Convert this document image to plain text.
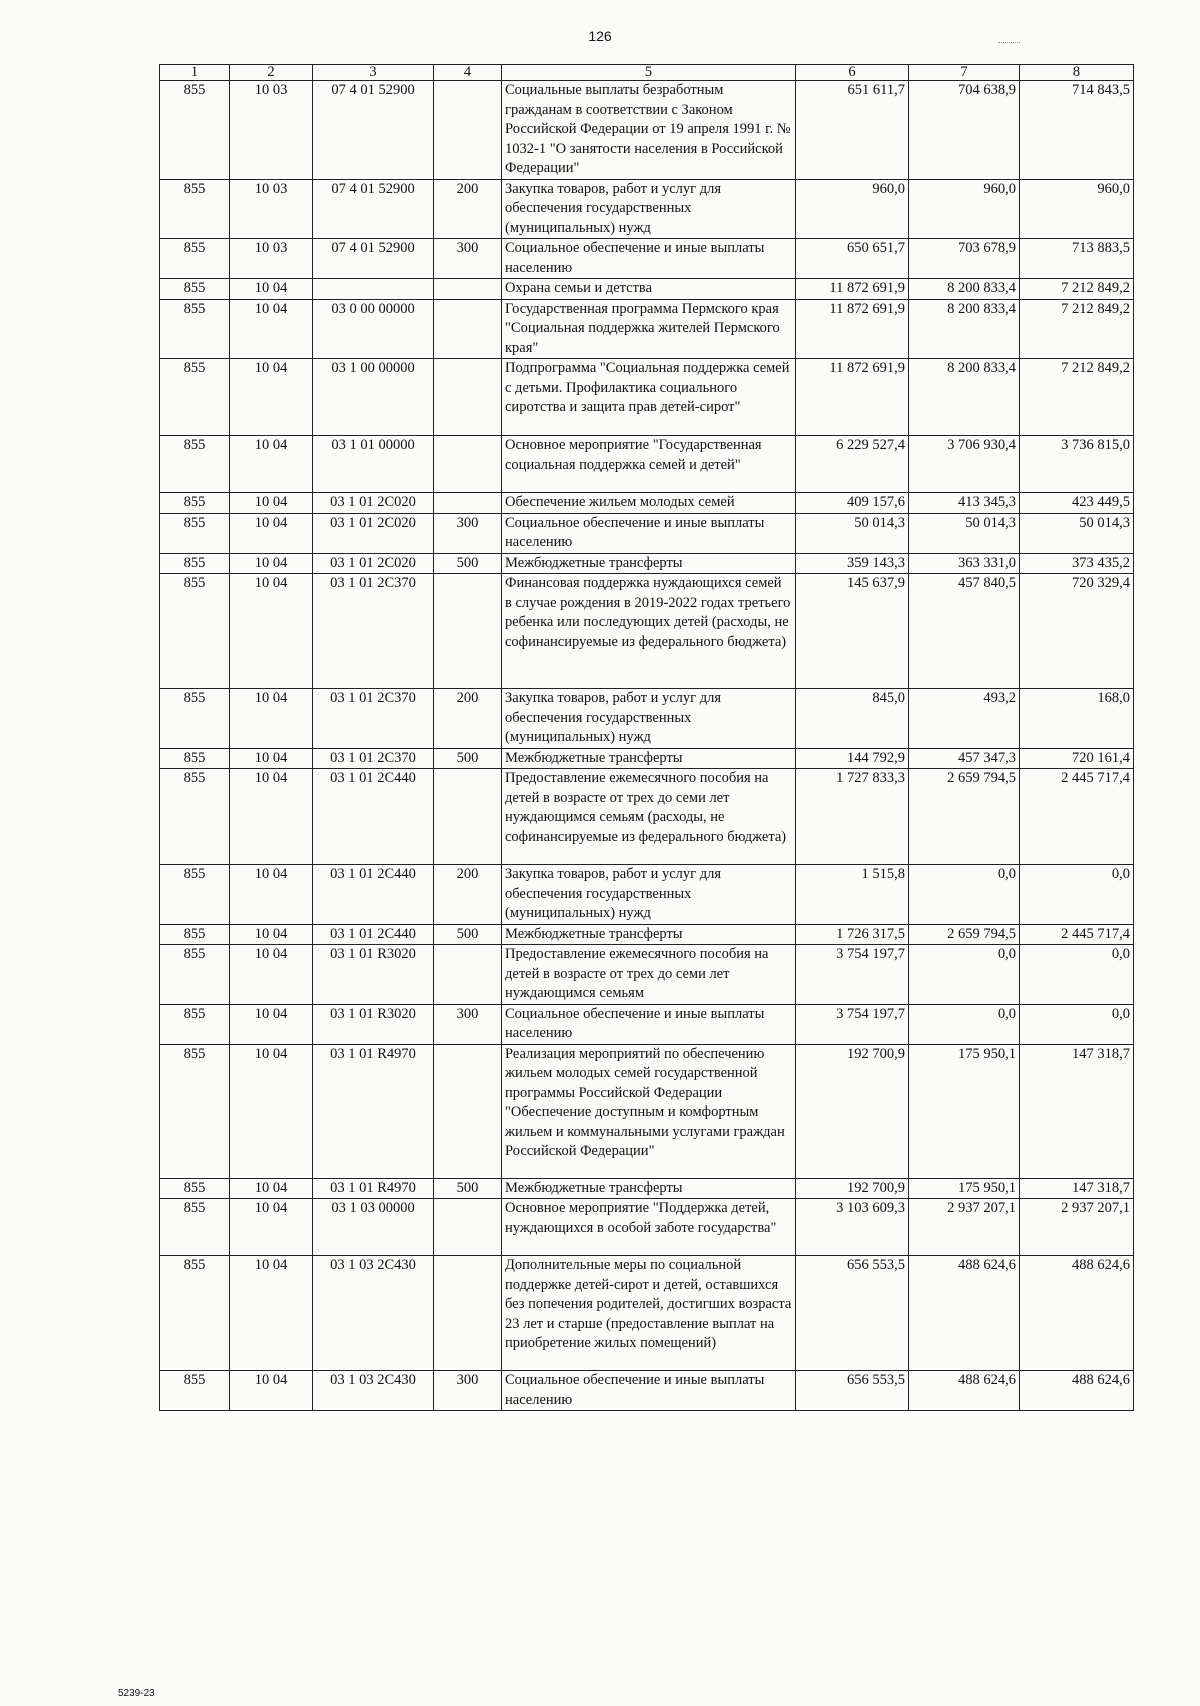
126
1	2	3	4	5	6	7	8
855	10 03	07 4 01 52900		Социальные выплаты безработным гражданам в соответствии с Законом Российской Федерации от 19 апреля 1991 г. № 1032-1 "О занятости населения в Российской Федерации"	651 611,7	704 638,9	714 843,5
855	10 03	07 4 01 52900	200	Закупка товаров, работ и услуг для обеспечения государственных (муниципальных) нужд	960,0	960,0	960,0
855	10 03	07 4 01 52900	300	Социальное обеспечение и иные выплаты населению	650 651,7	703 678,9	713 883,5
855	10 04			Охрана семьи и детства	11 872 691,9	8 200 833,4	7 212 849,2
855	10 04	03 0 00 00000		Государственная программа Пермского края "Социальная поддержка жителей Пермского края"	11 872 691,9	8 200 833,4	7 212 849,2
855	10 04	03 1 00 00000		Подпрограмма "Социальная поддержка семей с детьми. Профилактика социального сиротства и защита прав детей-сирот"	11 872 691,9	8 200 833,4	7 212 849,2
855	10 04	03 1 01 00000		Основное мероприятие "Государственная социальная поддержка семей и детей"	6 229 527,4	3 706 930,4	3 736 815,0
855	10 04	03 1 01 2С020		Обеспечение жильем молодых семей	409 157,6	413 345,3	423 449,5
855	10 04	03 1 01 2С020	300	Социальное обеспечение и иные выплаты населению	50 014,3	50 014,3	50 014,3
855	10 04	03 1 01 2С020	500	Межбюджетные трансферты	359 143,3	363 331,0	373 435,2
855	10 04	03 1 01 2С370		Финансовая поддержка нуждающихся семей в случае рождения в 2019-2022 годах третьего ребенка или последующих детей (расходы, не софинансируемые из федерального бюджета)	145 637,9	457 840,5	720 329,4
855	10 04	03 1 01 2С370	200	Закупка товаров, работ и услуг для обеспечения государственных (муниципальных) нужд	845,0	493,2	168,0
855	10 04	03 1 01 2С370	500	Межбюджетные трансферты	144 792,9	457 347,3	720 161,4
855	10 04	03 1 01 2С440		Предоставление ежемесячного пособия на детей в возрасте от трех до семи лет нуждающимся семьям (расходы, не софинансируемые из федерального бюджета)	1 727 833,3	2 659 794,5	2 445 717,4
855	10 04	03 1 01 2С440	200	Закупка товаров, работ и услуг для обеспечения государственных (муниципальных) нужд	1 515,8	0,0	0,0
855	10 04	03 1 01 2С440	500	Межбюджетные трансферты	1 726 317,5	2 659 794,5	2 445 717,4
855	10 04	03 1 01 R3020		Предоставление ежемесячного пособия на детей в возрасте от трех до семи лет нуждающимся семьям	3 754 197,7	0,0	0,0
855	10 04	03 1 01 R3020	300	Социальное обеспечение и иные выплаты населению	3 754 197,7	0,0	0,0
855	10 04	03 1 01 R4970		Реализация мероприятий по обеспечению жильем молодых семей государственной программы Российской Федерации "Обеспечение доступным и комфортным жильем и коммунальными услугами граждан Российской Федерации"	192 700,9	175 950,1	147 318,7
855	10 04	03 1 01 R4970	500	Межбюджетные трансферты	192 700,9	175 950,1	147 318,7
855	10 04	03 1 03 00000		Основное мероприятие "Поддержка детей, нуждающихся в особой заботе государства"	3 103 609,3	2 937 207,1	2 937 207,1
855	10 04	03 1 03 2С430		Дополнительные меры по социальной поддержке детей-сирот и детей, оставшихся без попечения родителей, достигших возраста 23 лет и старше (предоставление выплат на приобретение жилых помещений)	656 553,5	488 624,6	488 624,6
855	10 04	03 1 03 2С430	300	Социальное обеспечение и иные выплаты населению	656 553,5	488 624,6	488 624,6
5239-23
